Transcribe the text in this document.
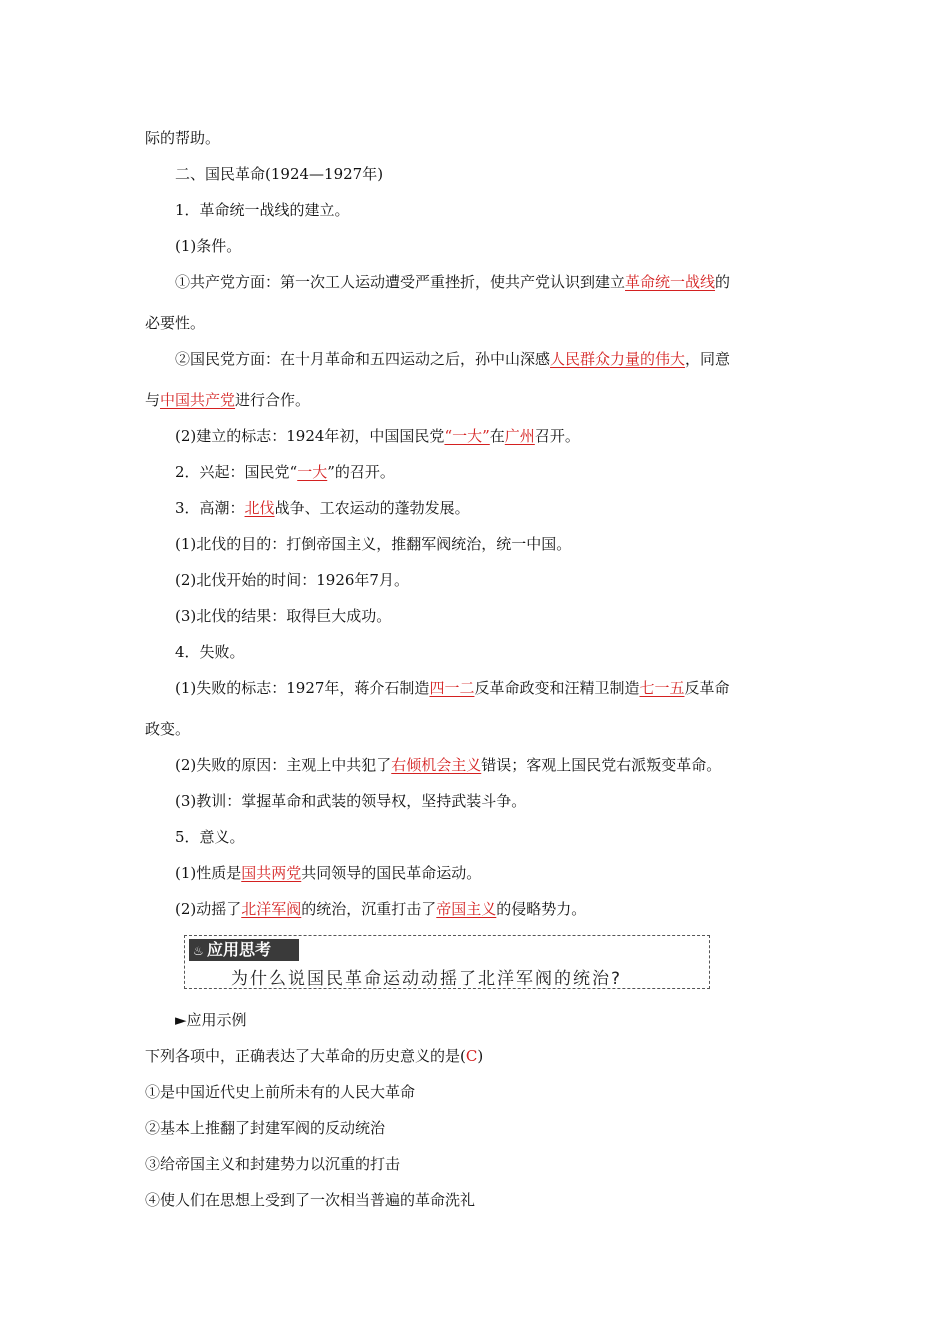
际的帮助。
二、国民革命(1924—1927年)
1．革命统一战线的建立。
(1)条件。
①共产党方面：第一次工人运动遭受严重挫折，使共产党认识到建立革命统一战线的
必要性。
②国民党方面：在十月革命和五四运动之后，孙中山深感人民群众力量的伟大，同意
与中国共产党进行合作。
(2)建立的标志：1924年初，中国国民党“一大”在广州召开。
2．兴起：国民党“一大”的召开。
3．高潮：北伐战争、工农运动的蓬勃发展。
(1)北伐的目的：打倒帝国主义，推翻军阀统治，统一中国。
(2)北伐开始的时间：1926年7月。
(3)北伐的结果：取得巨大成功。
4．失败。
(1)失败的标志：1927年，蒋介石制造四一二反革命政变和汪精卫制造七一五反革命
政变。
(2)失败的原因：主观上中共犯了右倾机会主义错误；客观上国民党右派叛变革命。
(3)教训：掌握革命和武装的领导权，坚持武装斗争。
5．意义。
(1)性质是国共两党共同领导的国民革命运动。
(2)动摇了北洋军阀的统治，沉重打击了帝国主义的侵略势力。
♨ 应用思考
为什么说国民革命运动动摇了北洋军阀的统治?
►应用示例
下列各项中，正确表达了大革命的历史意义的是(C)
①是中国近代史上前所未有的人民大革命
②基本上推翻了封建军阀的反动统治
③给帝国主义和封建势力以沉重的打击
④使人们在思想上受到了一次相当普遍的革命洗礼
